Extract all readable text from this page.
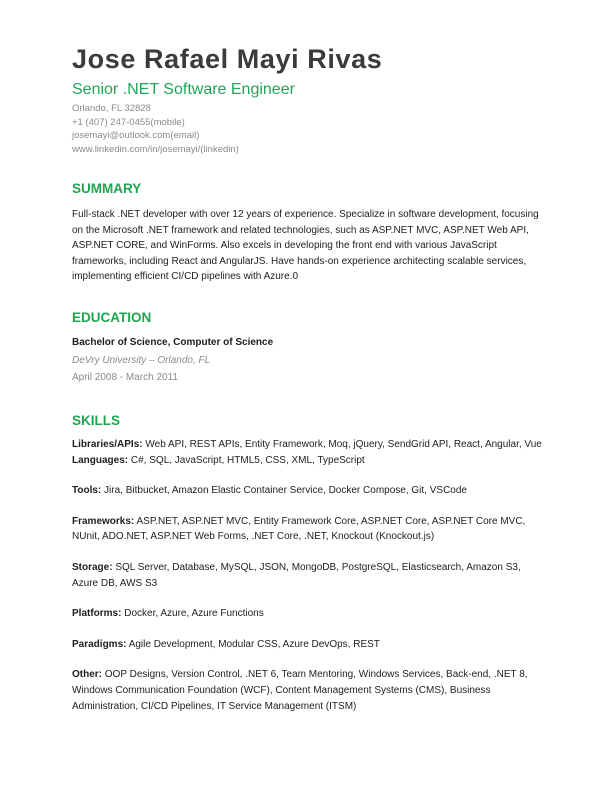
Jose Rafael Mayi Rivas
Senior .NET Software Engineer
Orlando, FL 32828
+1 (407) 247-0455(mobile)
josemayi@outlook.com(email)
www.linkedin.com/in/josemayi/(linkedin)
SUMMARY
Full-stack .NET developer with over 12 years of experience. Specialize in software development, focusing on the Microsoft .NET framework and related technologies, such as ASP.NET MVC, ASP.NET Web API, ASP.NET CORE, and WinForms. Also excels in developing the front end with various JavaScript frameworks, including React and AngularJS. Have hands-on experience architecting scalable services, implementing efficient CI/CD pipelines with Azure.0
EDUCATION
Bachelor of Science, Computer of Science
DeVry University – Orlando, FL
April 2008 - March 2011
SKILLS
Libraries/APIs: Web API, REST APIs, Entity Framework, Moq, jQuery, SendGrid API, React, Angular, Vue
Languages: C#, SQL, JavaScript, HTML5, CSS, XML, TypeScript
Tools: Jira, Bitbucket, Amazon Elastic Container Service, Docker Compose, Git, VSCode
Frameworks: ASP.NET, ASP.NET MVC, Entity Framework Core, ASP.NET Core, ASP.NET Core MVC, NUnit, ADO.NET, ASP.NET Web Forms, .NET Core, .NET, Knockout (Knockout.js)
Storage: SQL Server, Database, MySQL, JSON, MongoDB, PostgreSQL, Elasticsearch, Amazon S3, Azure DB, AWS S3
Platforms: Docker, Azure, Azure Functions
Paradigms: Agile Development, Modular CSS, Azure DevOps, REST
Other: OOP Designs, Version Control, .NET 6, Team Mentoring, Windows Services, Back-end, .NET 8, Windows Communication Foundation (WCF), Content Management Systems (CMS), Business Administration, CI/CD Pipelines, IT Service Management (ITSM)
